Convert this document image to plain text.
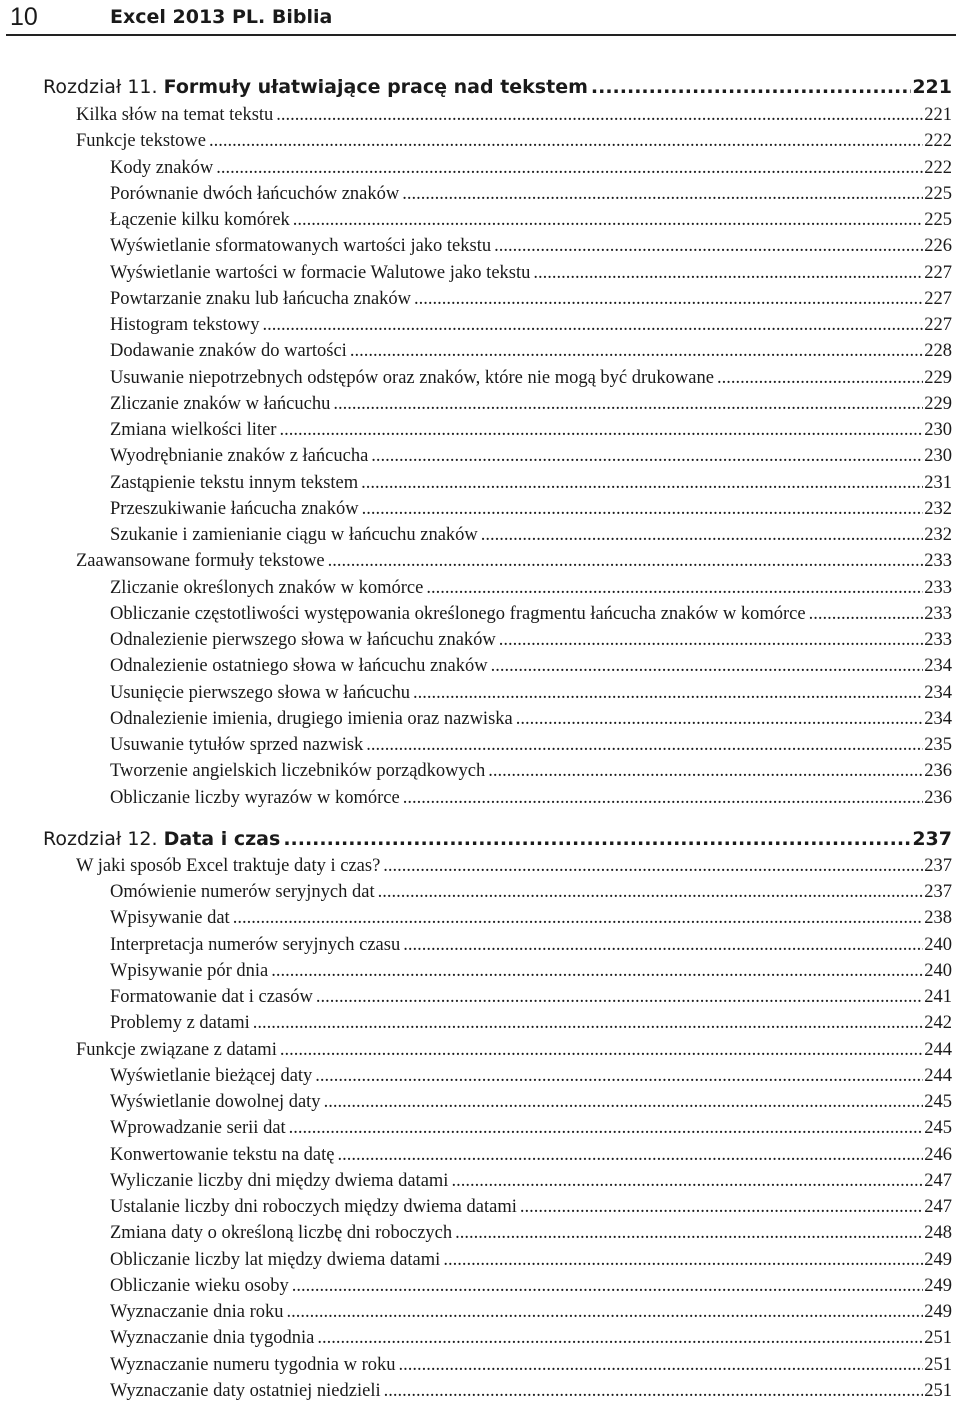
10	Excel 2013 PL. Biblia
Rozdział 11. Formuły ułatwiające pracę nad tekstem .....	221
Kilka słów na temat tekstu .....	221
Funkcje tekstowe .....	222
Kody znaków .....	222
Porównanie dwóch łańcuchów znaków .....	225
Łączenie kilku komórek .....	225
Wyświetlanie sformatowanych wartości jako tekstu .....	226
Wyświetlanie wartości w formacie Walutowe jako tekstu .....	227
Powtarzanie znaku lub łańcucha znaków .....	227
Histogram tekstowy .....	227
Dodawanie znaków do wartości .....	228
Usuwanie niepotrzebnych odstępów oraz znaków, które nie mogą być drukowane .....	229
Zliczanie znaków w łańcuchu .....	229
Zmiana wielkości liter .....	230
Wyodrębnianie znaków z łańcucha .....	230
Zastąpienie tekstu innym tekstem .....	231
Przeszukiwanie łańcucha znaków .....	232
Szukanie i zamienianie ciągu w łańcuchu znaków .....	232
Zaawansowane formuły tekstowe .....	233
Zliczanie określonych znaków w komórce .....	233
Obliczanie częstotliwości występowania określonego fragmentu łańcucha znaków w komórce .....	233
Odnalezienie pierwszego słowa w łańcuchu znaków .....	233
Odnalezienie ostatniego słowa w łańcuchu znaków .....	234
Usunięcie pierwszego słowa w łańcuchu .....	234
Odnalezienie imienia, drugiego imienia oraz nazwiska .....	234
Usuwanie tytułów sprzed nazwisk .....	235
Tworzenie angielskich liczebników porządkowych .....	236
Obliczanie liczby wyrazów w komórce .....	236
Rozdział 12. Data i czas .....	237
W jaki sposób Excel traktuje daty i czas? .....	237
Omówienie numerów seryjnych dat .....	237
Wpisywanie dat .....	238
Interpretacja numerów seryjnych czasu .....	240
Wpisywanie pór dnia .....	240
Formatowanie dat i czasów .....	241
Problemy z datami .....	242
Funkcje związane z datami .....	244
Wyświetlanie bieżącej daty .....	244
Wyświetlanie dowolnej daty .....	245
Wprowadzanie serii dat .....	245
Konwertowanie tekstu na datę .....	246
Wyliczanie liczby dni między dwiema datami .....	247
Ustalanie liczby dni roboczych między dwiema datami .....	247
Zmiana daty o określoną liczbę dni roboczych .....	248
Obliczanie liczby lat między dwiema datami .....	249
Obliczanie wieku osoby .....	249
Wyznaczanie dnia roku .....	249
Wyznaczanie dnia tygodnia .....	251
Wyznaczanie numeru tygodnia w roku .....	251
Wyznaczanie daty ostatniej niedzieli .....	251
